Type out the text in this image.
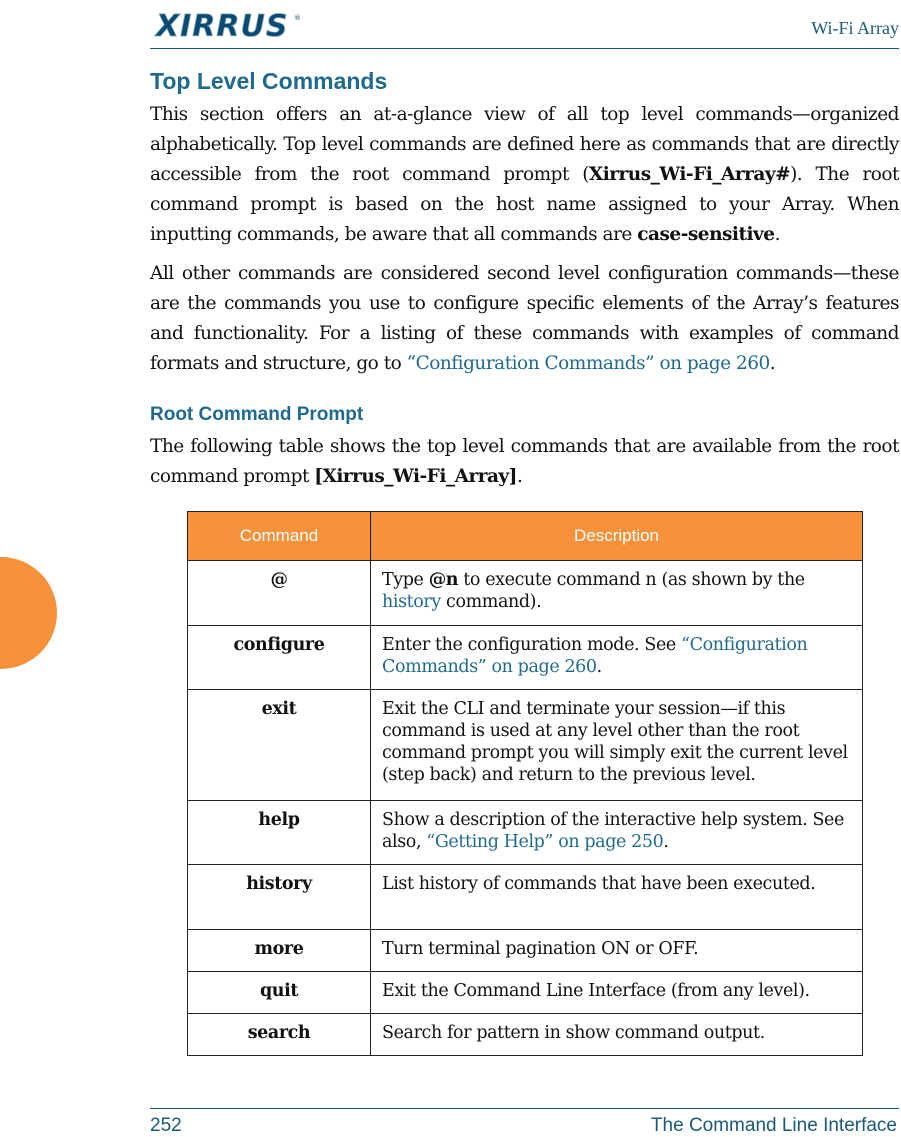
XIRRUS ®	Wi-Fi Array
Top Level Commands

This section offers an at-a-glance view of all top level commands—organized alphabetically. Top level commands are defined here as commands that are directly accessible from the root command prompt (Xirrus_Wi-Fi_Array#). The root command prompt is based on the host name assigned to your Array. When inputting commands, be aware that all commands are case-sensitive.

All other commands are considered second level configuration commands—these are the commands you use to configure specific elements of the Array’s features and functionality. For a listing of these commands with examples of command formats and structure, go to “Configuration Commands” on page 260.

Root Command Prompt

The following table shows the top level commands that are available from the root command prompt [Xirrus_Wi-Fi_Array].

Command	Description
@	Type @n to execute command n (as shown by the history command).
configure	Enter the configuration mode. See “Configuration Commands” on page 260.
exit	Exit the CLI and terminate your session—if this command is used at any level other than the root command prompt you will simply exit the current level (step back) and return to the previous level.
help	Show a description of the interactive help system. See also, “Getting Help” on page 250.
history	List history of commands that have been executed.
more	Turn terminal pagination ON or OFF.
quit	Exit the Command Line Interface (from any level).
search	Search for pattern in show command output.
252	The Command Line Interface
